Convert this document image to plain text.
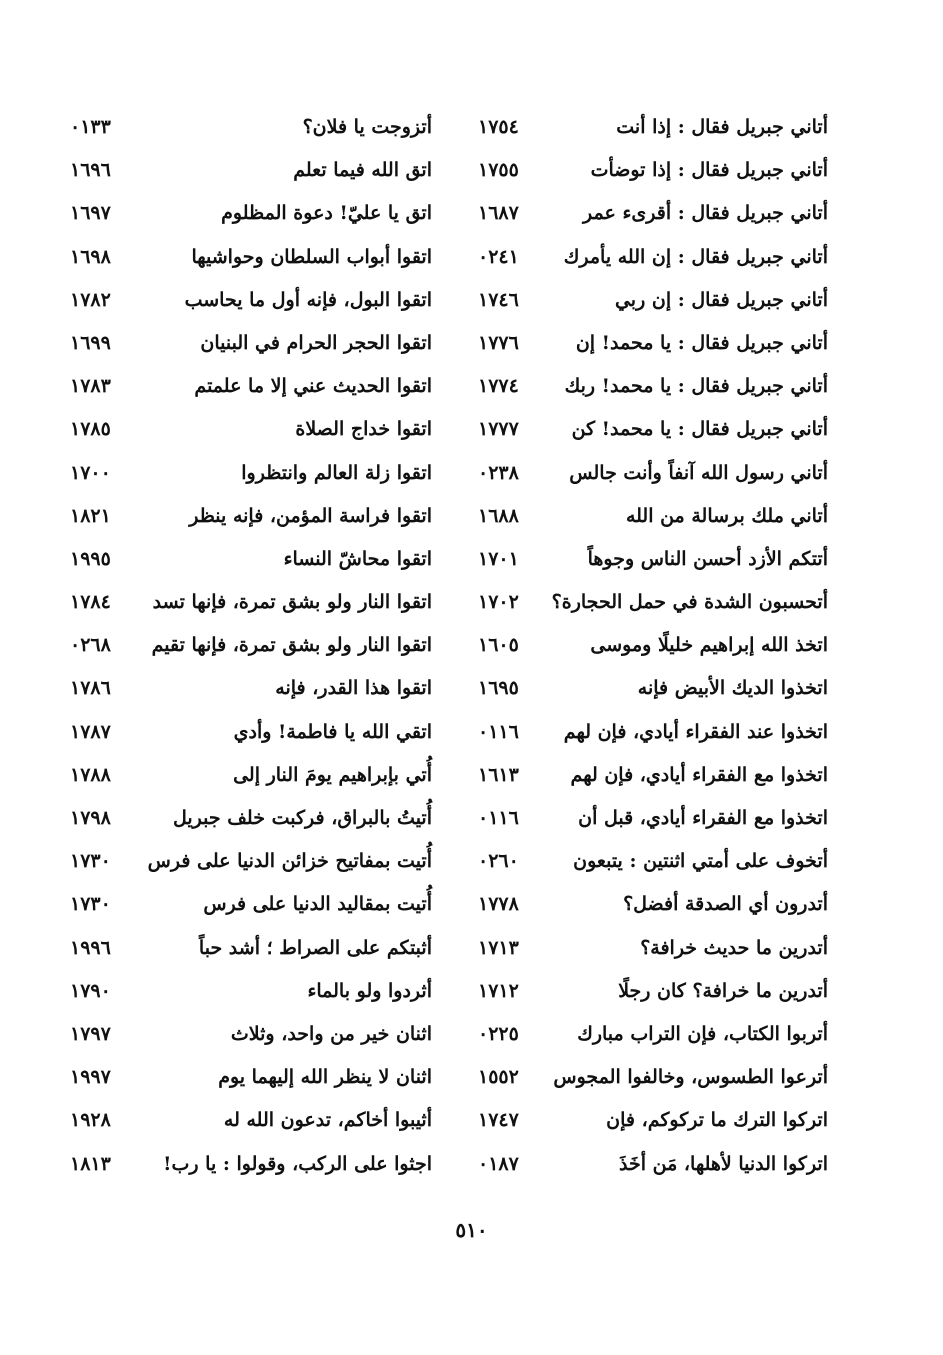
أتاني جبريل فقال : إذا أنت
١٧٥٤
أتاني جبريل فقال : إذا توضأت
١٧٥٥
أتاني جبريل فقال : أقرىء عمر
١٦٨٧
أتاني جبريل فقال : إن الله يأمرك
٠٢٤١
أتاني جبريل فقال : إن ربي
١٧٤٦
أتاني جبريل فقال : يا محمد! إن
١٧٧٦
أتاني جبريل فقال : يا محمد! ربك
١٧٧٤
أتاني جبريل فقال : يا محمد! كن
١٧٧٧
أتاني رسول الله آنفاً وأنت جالس
٠٢٣٨
أتاني ملك برسالة من الله
١٦٨٨
أتتكم الأزد أحسن الناس وجوهاً
١٧٠١
أتحسبون الشدة في حمل الحجارة؟
١٧٠٢
اتخذ الله إبراهيم خليلًا وموسى
١٦٠٥
اتخذوا الديك الأبيض فإنه
١٦٩٥
اتخذوا عند الفقراء أيادي، فإن لهم
٠١١٦
اتخذوا مع الفقراء أيادي، فإن لهم
١٦١٣
اتخذوا مع الفقراء أيادي، قبل أن
٠١١٦
أتخوف على أمتي اثنتين : يتبعون
٠٢٦٠
أتدرون أي الصدقة أفضل؟
١٧٧٨
أتدرين ما حديث خرافة؟
١٧١٣
أتدرين ما خرافة؟ كان رجلًا
١٧١٢
أتربوا الكتاب، فإن التراب مبارك
٠٢٢٥
أترعوا الطسوس، وخالفوا المجوس
١٥٥٢
اتركوا الترك ما تركوكم، فإن
١٧٤٧
اتركوا الدنيا لأهلها، مَن أخَذَ
٠١٨٧
أتزوجت يا فلان؟
٠١٣٣
اتق الله فيما تعلم
١٦٩٦
اتق يا عليّ! دعوة المظلوم
١٦٩٧
اتقوا أبواب السلطان وحواشيها
١٦٩٨
اتقوا البول، فإنه أول ما يحاسب
١٧٨٢
اتقوا الحجر الحرام في البنيان
١٦٩٩
اتقوا الحديث عني إلا ما علمتم
١٧٨٣
اتقوا خداج الصلاة
١٧٨٥
اتقوا زلة العالم وانتظروا
١٧٠٠
اتقوا فراسة المؤمن، فإنه ينظر
١٨٢١
اتقوا محاشّ النساء
١٩٩٥
اتقوا النار ولو بشق تمرة، فإنها تسد
١٧٨٤
اتقوا النار ولو بشق تمرة، فإنها تقيم
٠٢٦٨
اتقوا هذا القدر، فإنه
١٧٨٦
اتقي الله يا فاطمة! وأدي
١٧٨٧
أُتي بإبراهيم يومَ النار إلى
١٧٨٨
أُتيتُ بالبراق، فركبت خلف جبريل
١٧٩٨
أُتيت بمفاتيح خزائن الدنيا على فرس
١٧٣٠
أُتيت بمقاليد الدنيا على فرس
١٧٣٠
أثبتكم على الصراط ؛ أشد حباً
١٩٩٦
أثردوا ولو بالماء
١٧٩٠
اثنان خير من واحد، وثلاث
١٧٩٧
اثنان لا ينظر الله إليهما يوم
١٩٩٧
أثيبوا أخاكم، تدعون الله له
١٩٢٨
اجثوا على الركب، وقولوا : يا رب!
١٨١٣
٥١٠
